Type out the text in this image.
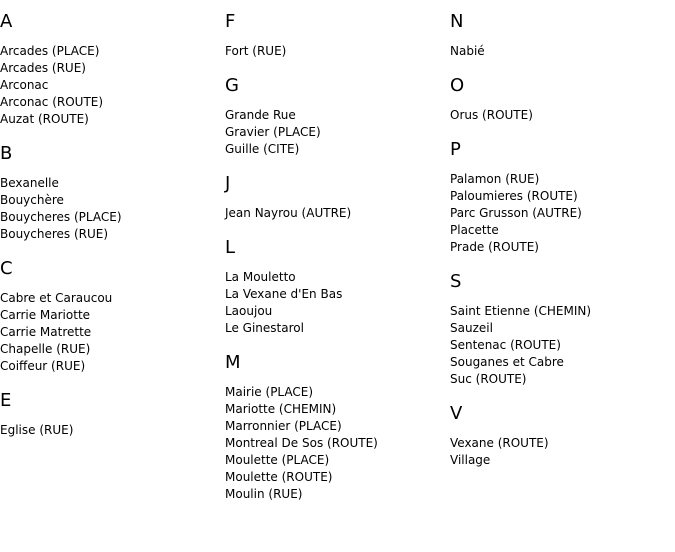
A
Arcades (PLACE)
Arcades (RUE)
Arconac
Arconac (ROUTE)
Auzat (ROUTE)
B
Bexanelle
Bouychère
Bouycheres (PLACE)
Bouycheres (RUE)
C
Cabre et Caraucou
Carrie Mariotte
Carrie Matrette
Chapelle (RUE)
Coiffeur (RUE)
E
Eglise (RUE)
F
Fort (RUE)
G
Grande Rue
Gravier (PLACE)
Guille (CITE)
J
Jean Nayrou (AUTRE)
L
La Mouletto
La Vexane d'En Bas
Laoujou
Le Ginestarol
M
Mairie (PLACE)
Mariotte (CHEMIN)
Marronnier (PLACE)
Montreal De Sos (ROUTE)
Moulette (PLACE)
Moulette (ROUTE)
Moulin (RUE)
N
Nabié
O
Orus (ROUTE)
P
Palamon (RUE)
Paloumieres (ROUTE)
Parc Grusson (AUTRE)
Placette
Prade (ROUTE)
S
Saint Etienne (CHEMIN)
Sauzeil
Sentenac (ROUTE)
Souganes et Cabre
Suc (ROUTE)
V
Vexane (ROUTE)
Village
